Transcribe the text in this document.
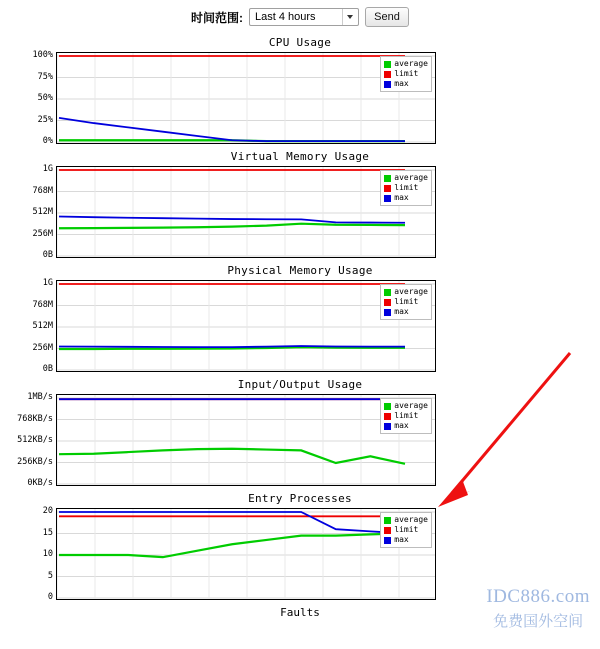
时间范围: Last 4 hours	Send
CPU Usage
0%
25%
50%
75%
100%
average
limit
max
Virtual Memory Usage
0B
256M
512M
768M
1G
average
limit
max
Physical Memory Usage
0B
256M
512M
768M
1G
average
limit
max
Input/Output Usage
0KB/s
256KB/s
512KB/s
768KB/s
1MB/s
average
limit
max
Entry Processes
0
5
10
15
20
average
limit
max
Faults
IDC886.com
免费国外空间
